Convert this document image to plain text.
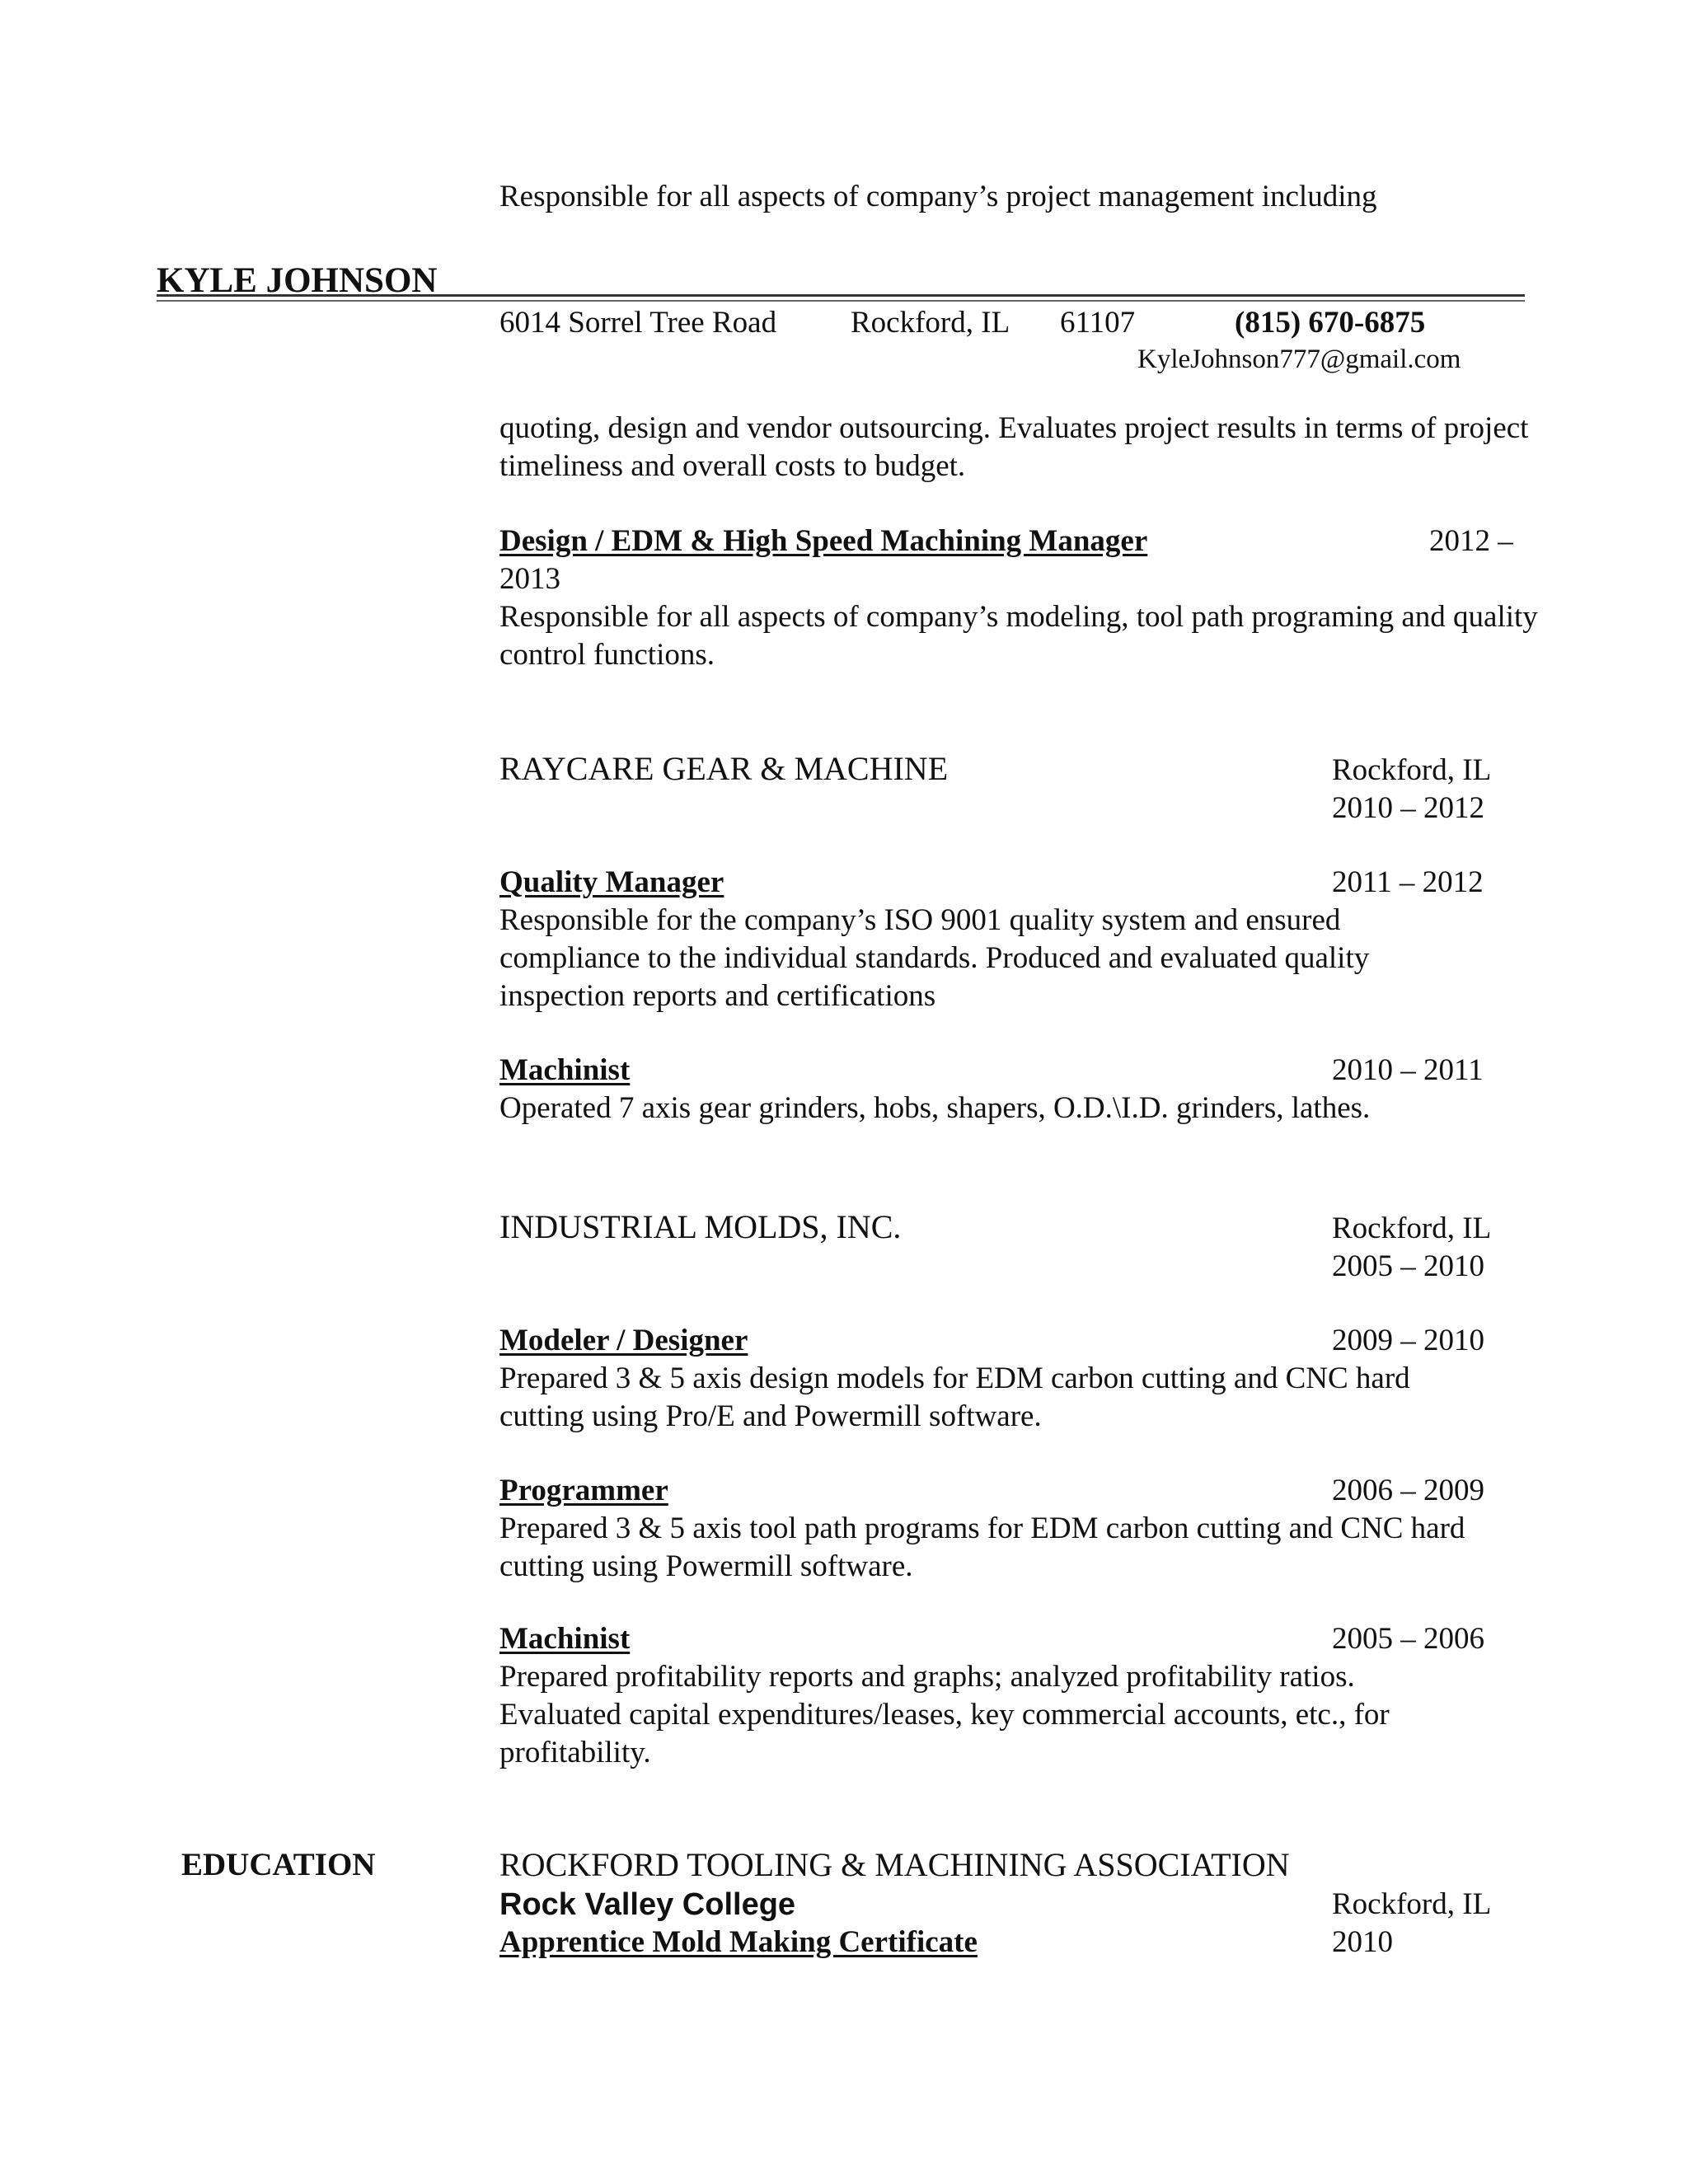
Responsible for all aspects of company’s project management including
KYLE JOHNSON
6014 Sorrel Tree Road Rockford, IL 61107	(815) 670-6875
KyleJohnson777@gmail.com
quoting, design and vendor outsourcing. Evaluates project results in terms of project timeliness and overall costs to budget.
Design / EDM & High Speed Machining Manager	2012 –
2013
Responsible for all aspects of company’s modeling, tool path programing and quality control functions.
RAYCARE GEAR & MACHINE	Rockford, IL
2010 – 2012
Quality Manager	2011 – 2012
Responsible for the company’s ISO 9001 quality system and ensured compliance to the individual standards. Produced and evaluated quality inspection reports and certifications
Machinist	2010 – 2011
Operated 7 axis gear grinders, hobs, shapers, O.D.\I.D. grinders, lathes.
INDUSTRIAL MOLDS, INC.	Rockford, IL
2005 – 2010
Modeler / Designer	2009 – 2010
Prepared 3 & 5 axis design models for EDM carbon cutting and CNC hard cutting using Pro/E and Powermill software.
Programmer	2006 – 2009
Prepared 3 & 5 axis tool path programs for EDM carbon cutting and CNC hard cutting using Powermill software.
Machinist	2005 – 2006
Prepared profitability reports and graphs; analyzed profitability ratios. Evaluated capital expenditures/leases, key commercial accounts, etc., for profitability.
EDUCATION	ROCKFORD TOOLING & MACHINING ASSOCIATION
Rock Valley College	Rockford, IL
Apprentice Mold Making Certificate	2010
